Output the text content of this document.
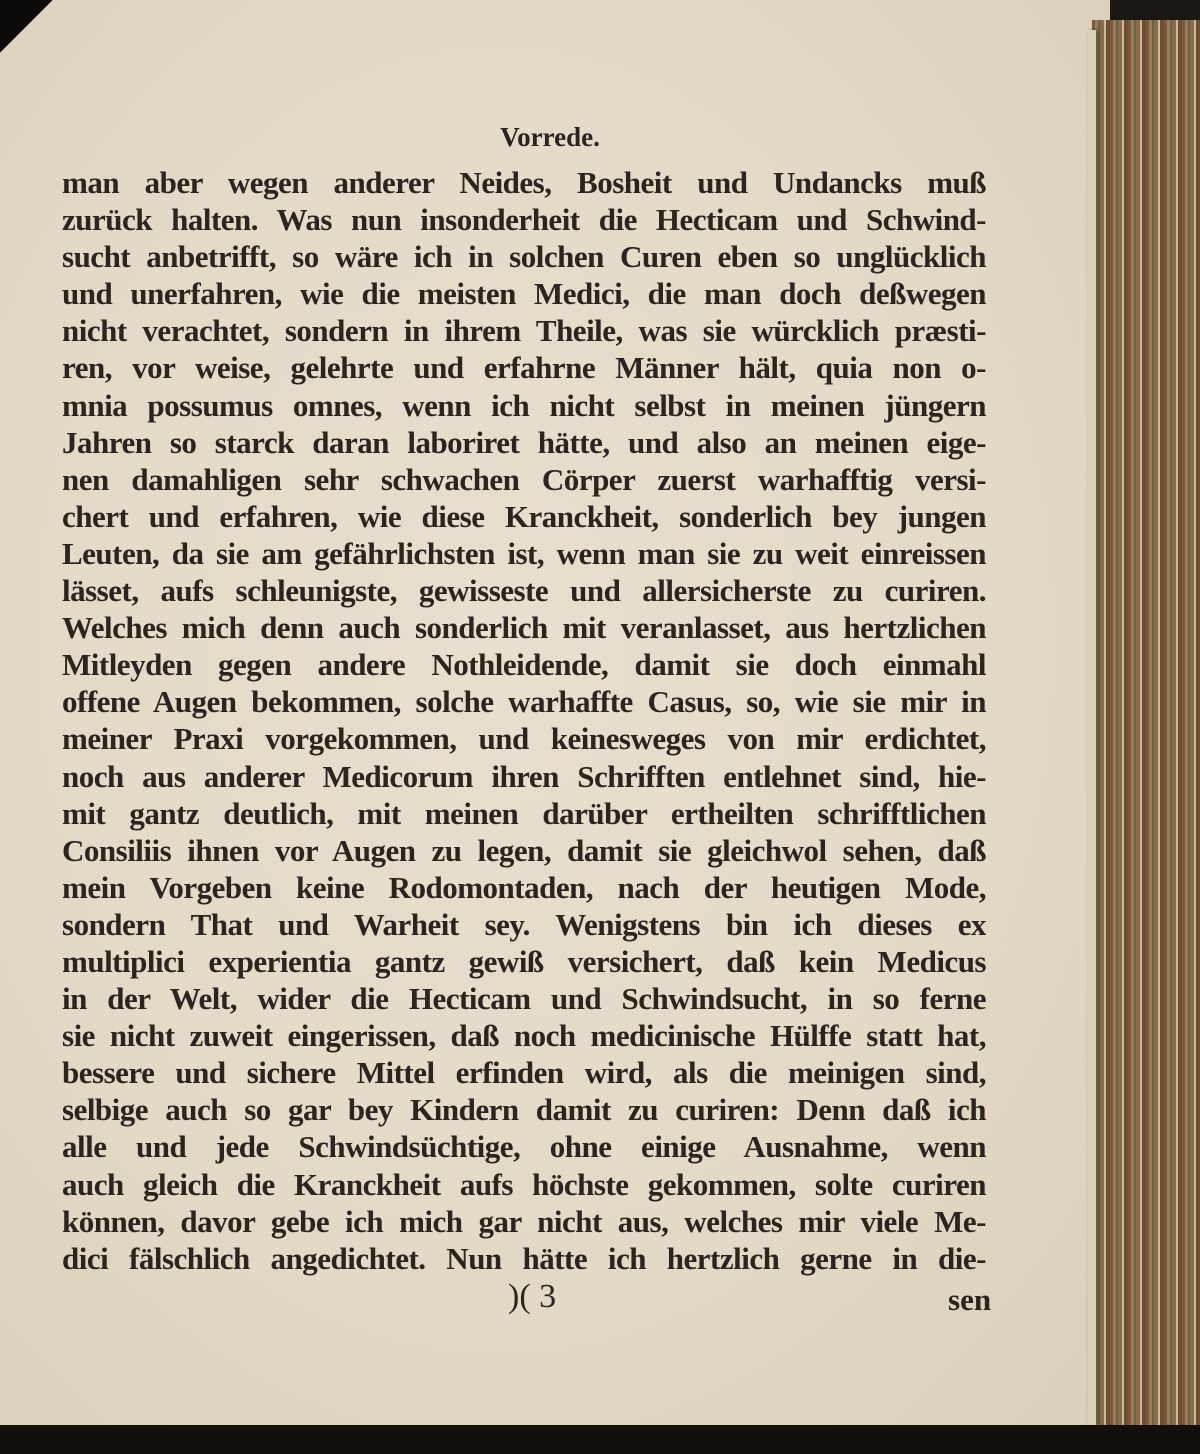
Vorrede.
man aber wegen anderer Neides, Bosheit und Undancks muß
zurück halten. Was nun insonderheit die Hecticam und Schwind-
sucht anbetrifft, so wäre ich in solchen Curen eben so unglücklich
und unerfahren, wie die meisten Medici, die man doch deßwegen
nicht verachtet, sondern in ihrem Theile, was sie würcklich præsti-
ren, vor weise, gelehrte und erfahrne Männer hält, quia non o-
mnia possumus omnes, wenn ich nicht selbst in meinen jüngern
Jahren so starck daran laboriret hätte, und also an meinen eige-
nen damahligen sehr schwachen Cörper zuerst warhafftig versi-
chert und erfahren, wie diese Kranckheit, sonderlich bey jungen
Leuten, da sie am gefährlichsten ist, wenn man sie zu weit einreissen
lässet, aufs schleunigste, gewisseste und allersicherste zu curiren.
Welches mich denn auch sonderlich mit veranlasset, aus hertzlichen
Mitleyden gegen andere Nothleidende, damit sie doch einmahl
offene Augen bekommen, solche warhaffte Casus, so, wie sie mir in
meiner Praxi vorgekommen, und keinesweges von mir erdichtet,
noch aus anderer Medicorum ihren Schrifften entlehnet sind, hie-
mit gantz deutlich, mit meinen darüber ertheilten schrifftlichen
Consiliis ihnen vor Augen zu legen, damit sie gleichwol sehen, daß
mein Vorgeben keine Rodomontaden, nach der heutigen Mode,
sondern That und Warheit sey. Wenigstens bin ich dieses ex
multiplici experientia gantz gewiß versichert, daß kein Medicus
in der Welt, wider die Hecticam und Schwindsucht, in so ferne
sie nicht zuweit eingerissen, daß noch medicinische Hülffe statt hat,
bessere und sichere Mittel erfinden wird, als die meinigen sind,
selbige auch so gar bey Kindern damit zu curiren: Denn daß ich
alle und jede Schwindsüchtige, ohne einige Ausnahme, wenn
auch gleich die Kranckheit aufs höchste gekommen, solte curiren
können, davor gebe ich mich gar nicht aus, welches mir viele Me-
dici fälschlich angedichtet. Nun hätte ich hertzlich gerne in die-
)( 3	sen
